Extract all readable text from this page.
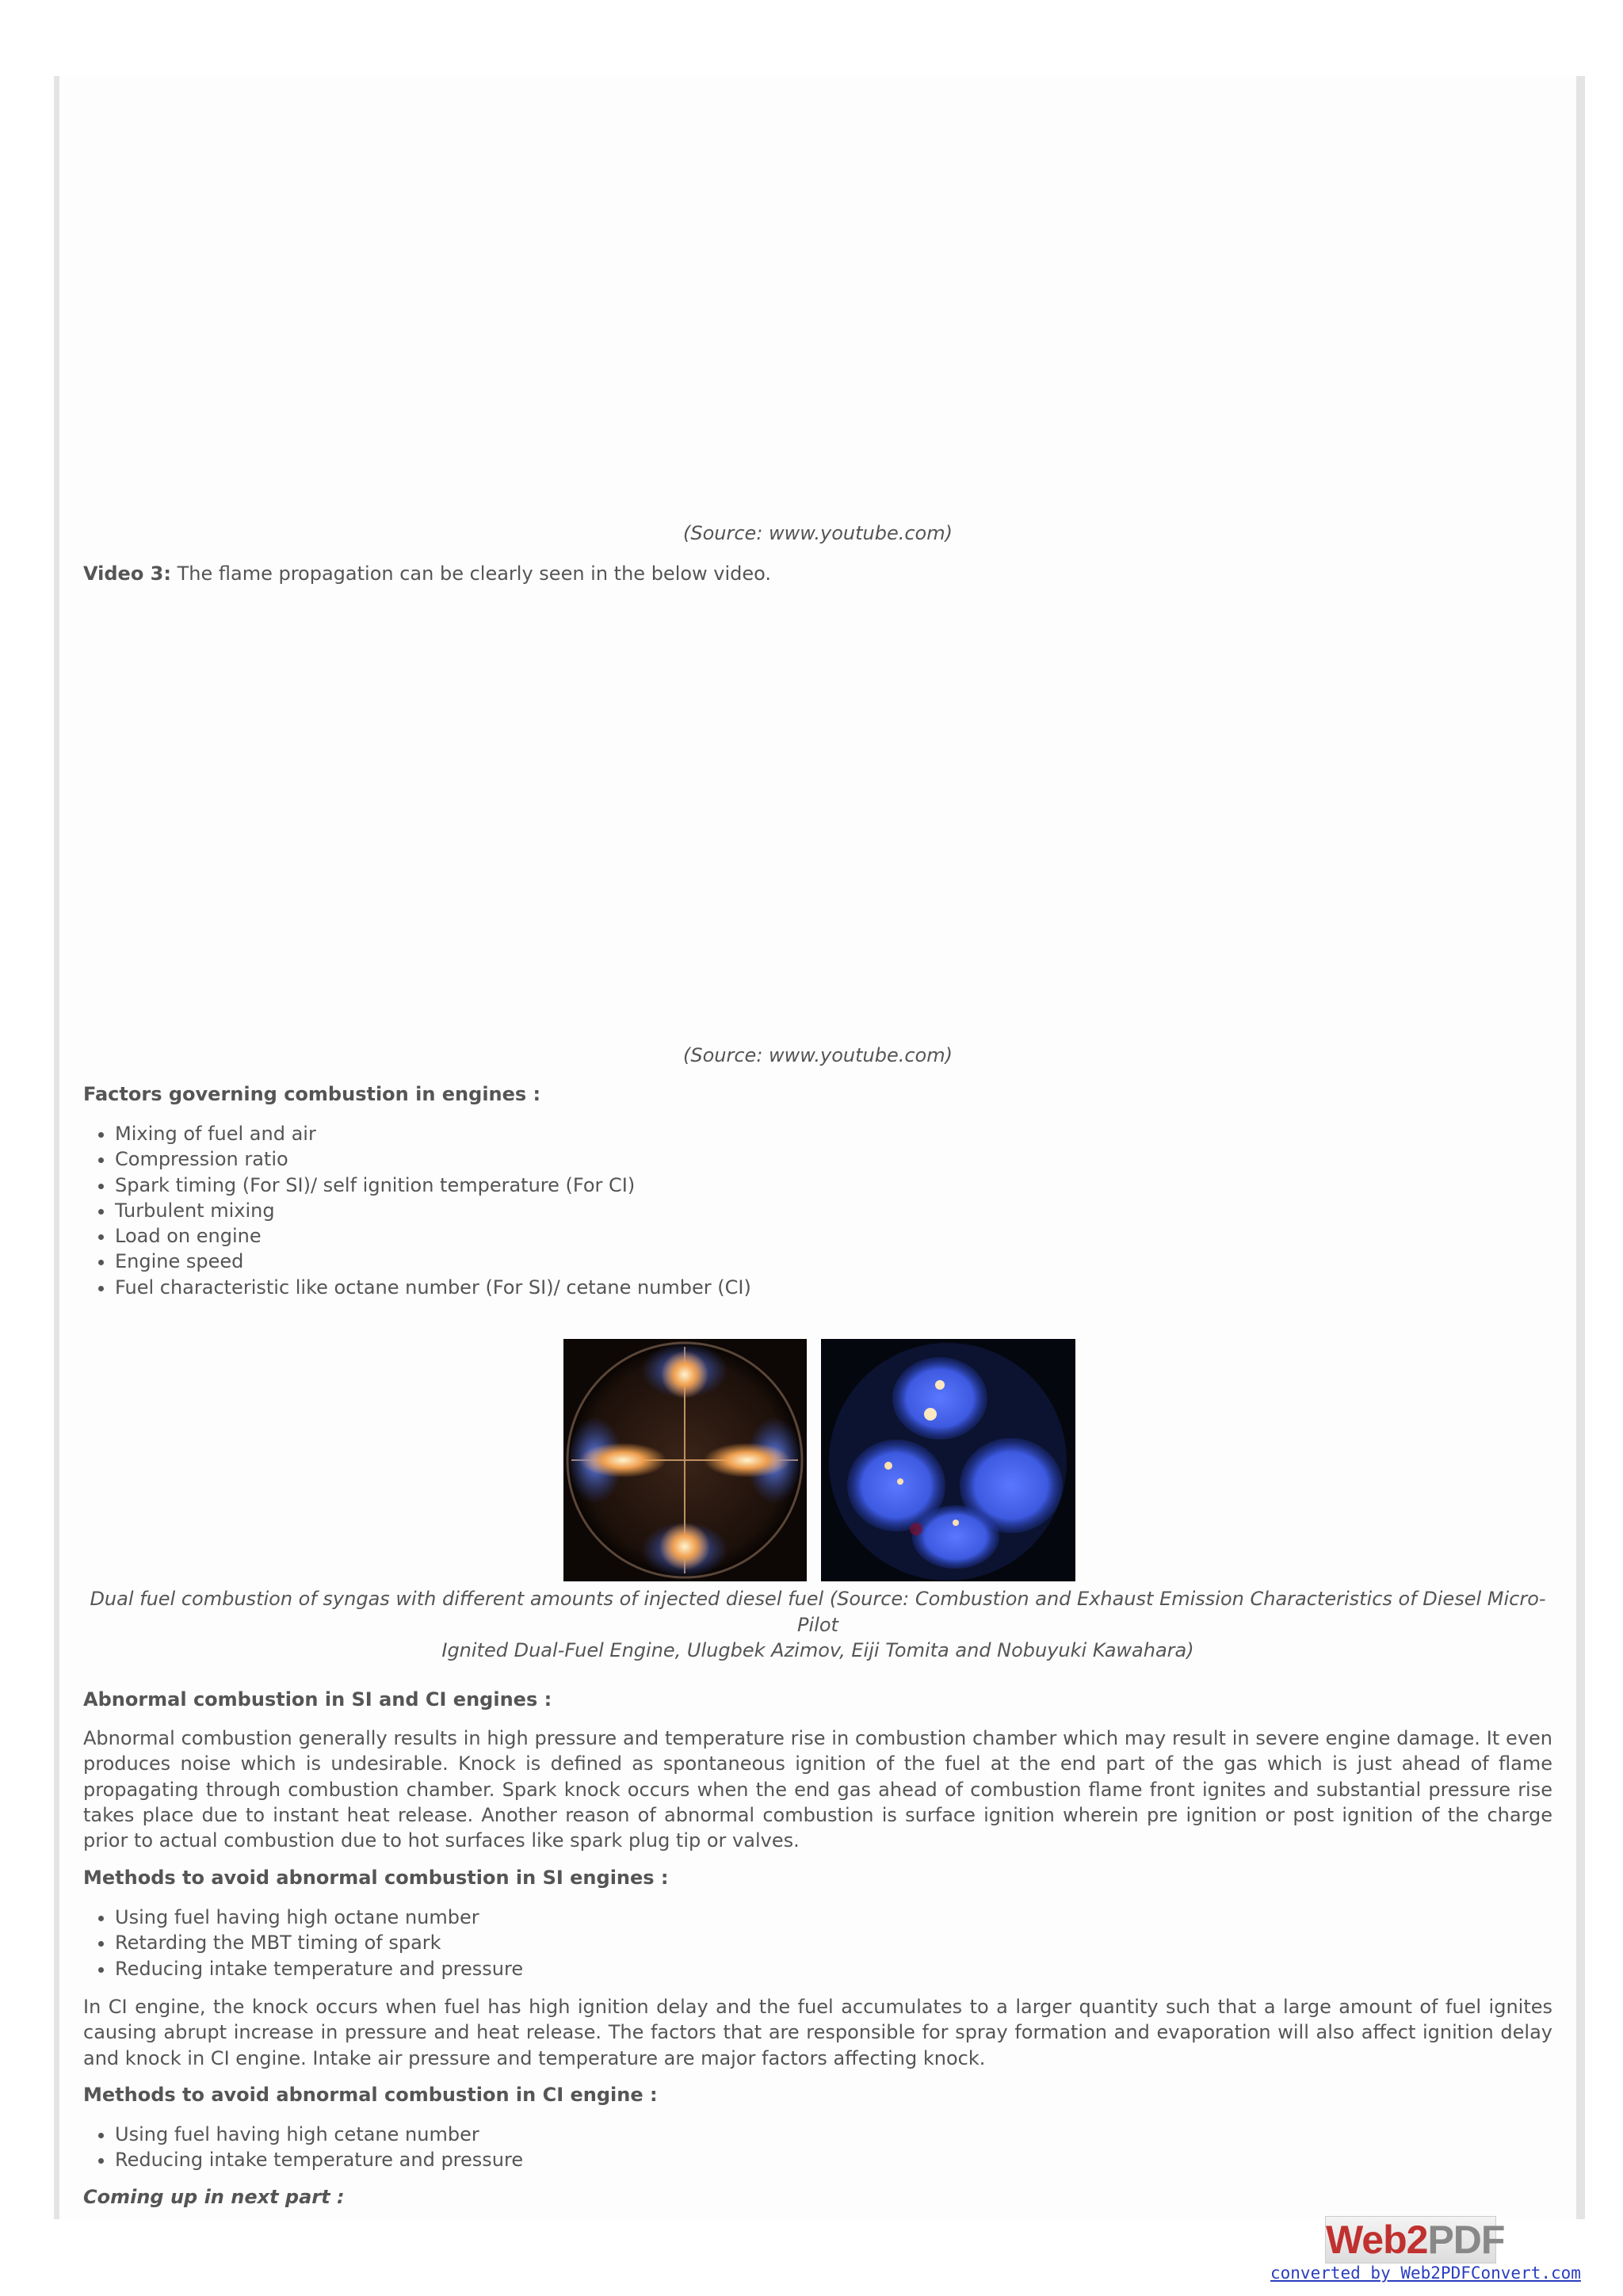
(Source: www.youtube.com)
Video 3: The flame propagation can be clearly seen in the below video.
(Source: www.youtube.com)
Factors governing combustion in engines :
• Mixing of fuel and air
• Compression ratio
• Spark timing (For SI)/ self ignition temperature (For CI)
• Turbulent mixing
• Load on engine
• Engine speed
• Fuel characteristic like octane number (For SI)/ cetane number (CI)
Dual fuel combustion of syngas with different amounts of injected diesel fuel (Source: Combustion and Exhaust Emission Characteristics of Diesel Micro-Pilot
Ignited Dual-Fuel Engine, Ulugbek Azimov, Eiji Tomita and Nobuyuki Kawahara)
Abnormal combustion in SI and CI engines :

Abnormal combustion generally results in high pressure and temperature rise in combustion chamber which may result in severe engine damage. It even produces noise which is undesirable. Knock is defined as spontaneous ignition of the fuel at the end part of the gas which is just ahead of flame propagating through combustion chamber. Spark knock occurs when the end gas ahead of combustion flame front ignites and substantial pressure rise takes place due to instant heat release. Another reason of abnormal combustion is surface ignition wherein pre ignition or post ignition of the charge prior to actual combustion due to hot surfaces like spark plug tip or valves.

Methods to avoid abnormal combustion in SI engines :
• Using fuel having high octane number
• Retarding the MBT timing of spark
• Reducing intake temperature and pressure

In CI engine, the knock occurs when fuel has high ignition delay and the fuel accumulates to a larger quantity such that a large amount of fuel ignites causing abrupt increase in pressure and heat release. The factors that are responsible for spray formation and evaporation will also affect ignition delay and knock in CI engine. Intake air pressure and temperature are major factors affecting knock.

Methods to avoid abnormal combustion in CI engine :
• Using fuel having high cetane number
• Reducing intake temperature and pressure
Coming up in next part :
Web2PDF
converted by Web2PDFConvert.com
